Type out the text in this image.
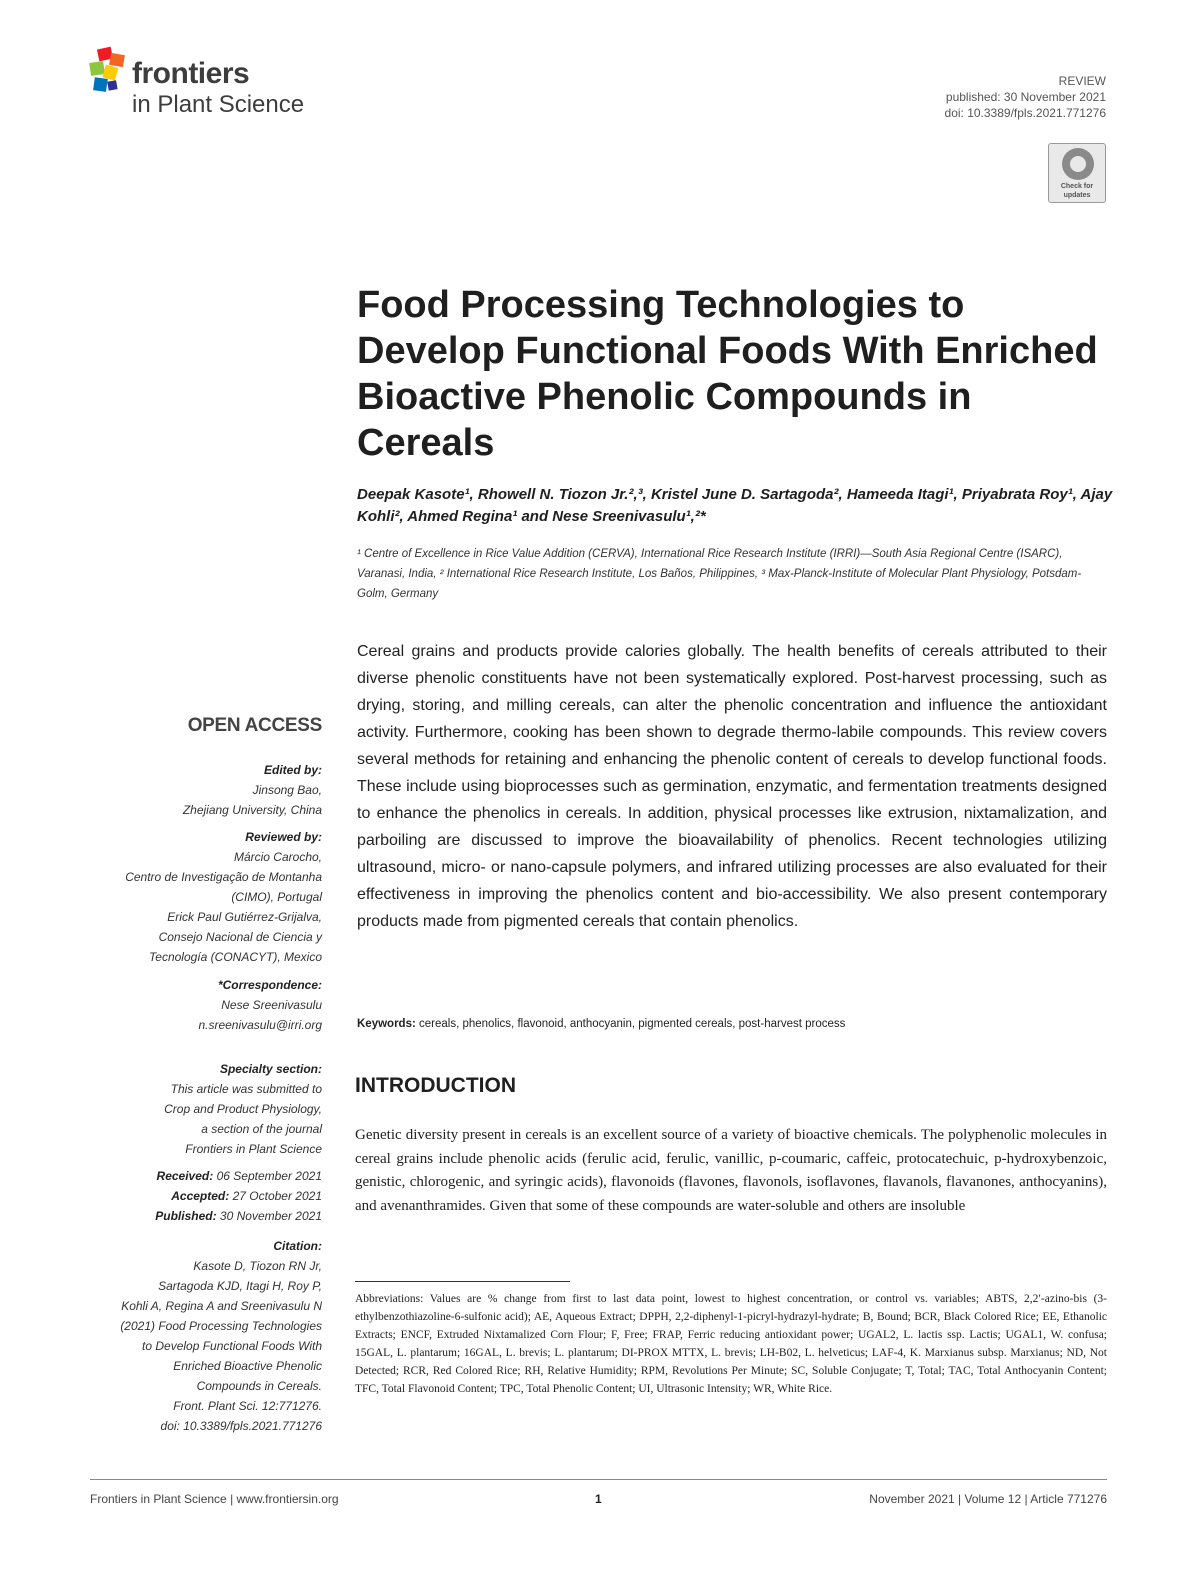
frontiers
in Plant Science
REVIEW
published: 30 November 2021
doi: 10.3389/fpls.2021.771276
Check for updates
Food Processing Technologies to Develop Functional Foods With Enriched Bioactive Phenolic Compounds in Cereals
Deepak Kasote¹, Rhowell N. Tiozon Jr.²,³, Kristel June D. Sartagoda², Hameeda Itagi¹, Priyabrata Roy¹, Ajay Kohli², Ahmed Regina¹ and Nese Sreenivasulu¹,²*
¹ Centre of Excellence in Rice Value Addition (CERVA), International Rice Research Institute (IRRI)—South Asia Regional Centre (ISARC), Varanasi, India, ² International Rice Research Institute, Los Baños, Philippines, ³ Max-Planck-Institute of Molecular Plant Physiology, Potsdam-Golm, Germany
Cereal grains and products provide calories globally. The health benefits of cereals attributed to their diverse phenolic constituents have not been systematically explored. Post-harvest processing, such as drying, storing, and milling cereals, can alter the phenolic concentration and influence the antioxidant activity. Furthermore, cooking has been shown to degrade thermo-labile compounds. This review covers several methods for retaining and enhancing the phenolic content of cereals to develop functional foods. These include using bioprocesses such as germination, enzymatic, and fermentation treatments designed to enhance the phenolics in cereals. In addition, physical processes like extrusion, nixtamalization, and parboiling are discussed to improve the bioavailability of phenolics. Recent technologies utilizing ultrasound, micro- or nano-capsule polymers, and infrared utilizing processes are also evaluated for their effectiveness in improving the phenolics content and bio-accessibility. We also present contemporary products made from pigmented cereals that contain phenolics.
Keywords: cereals, phenolics, flavonoid, anthocyanin, pigmented cereals, post-harvest process
OPEN ACCESS
Edited by:
Jinsong Bao,
Zhejiang University, China
Reviewed by:
Márcio Carocho,
Centro de Investigação de Montanha
(CIMO), Portugal
Erick Paul Gutiérrez-Grijalva,
Consejo Nacional de Ciencia y
Tecnología (CONACYT), Mexico
*Correspondence:
Nese Sreenivasulu
n.sreenivasulu@irri.org
Specialty section:
This article was submitted to
Crop and Product Physiology,
a section of the journal
Frontiers in Plant Science
Received: 06 September 2021
Accepted: 27 October 2021
Published: 30 November 2021
Citation:
Kasote D, Tiozon RN Jr,
Sartagoda KJD, Itagi H, Roy P,
Kohli A, Regina A and Sreenivasulu N
(2021) Food Processing Technologies
to Develop Functional Foods With
Enriched Bioactive Phenolic
Compounds in Cereals.
Front. Plant Sci. 12:771276.
doi: 10.3389/fpls.2021.771276
INTRODUCTION
Genetic diversity present in cereals is an excellent source of a variety of bioactive chemicals. The polyphenolic molecules in cereal grains include phenolic acids (ferulic acid, ferulic, vanillic, p-coumaric, caffeic, protocatechuic, p-hydroxybenzoic, genistic, chlorogenic, and syringic acids), flavonoids (flavones, flavonols, isoflavones, flavanols, flavanones, anthocyanins), and avenanthramides. Given that some of these compounds are water-soluble and others are insoluble
Abbreviations: Values are % change from first to last data point, lowest to highest concentration, or control vs. variables; ABTS, 2,2′-azino-bis (3-ethylbenzothiazoline-6-sulfonic acid); AE, Aqueous Extract; DPPH, 2,2-diphenyl-1-picryl-hydrazyl-hydrate; B, Bound; BCR, Black Colored Rice; EE, Ethanolic Extracts; ENCF, Extruded Nixtamalized Corn Flour; F, Free; FRAP, Ferric reducing antioxidant power; UGAL2, L. lactis ssp. Lactis; UGAL1, W. confusa; 15GAL, L. plantarum; 16GAL, L. brevis; L. plantarum; DI-PROX MTTX, L. brevis; LH-B02, L. helveticus; LAF-4, K. Marxianus subsp. Marxianus; ND, Not Detected; RCR, Red Colored Rice; RH, Relative Humidity; RPM, Revolutions Per Minute; SC, Soluble Conjugate; T, Total; TAC, Total Anthocyanin Content; TFC, Total Flavonoid Content; TPC, Total Phenolic Content; UI, Ultrasonic Intensity; WR, White Rice.
Frontiers in Plant Science | www.frontiersin.org	1	November 2021 | Volume 12 | Article 771276
